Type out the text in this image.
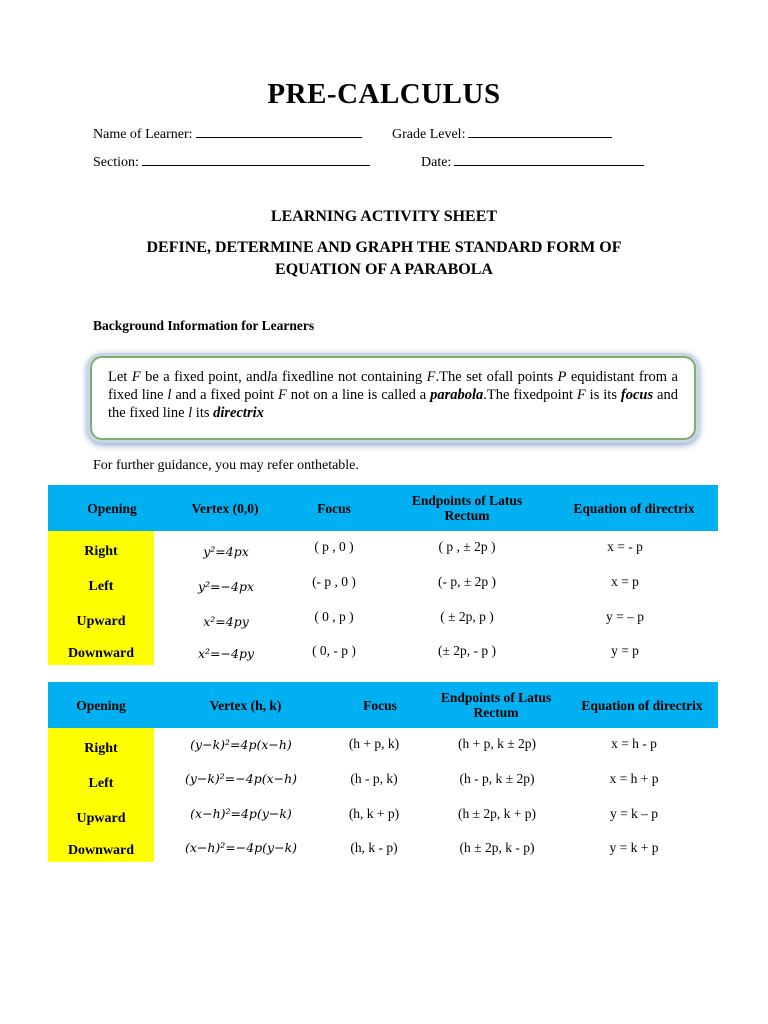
PRE-CALCULUS
Name of Learner:	Grade Level:
Section:	Date:
LEARNING ACTIVITY SHEET
DEFINE, DETERMINE AND GRAPH THE STANDARD FORM OF
EQUATION OF A PARABOLA
Background Information for Learners
Let F be a fixed point, andla fixedline not containing F.The set ofall points P equidistant from a fixed line l and a fixed point F not on a line is called a parabola.The fixedpoint F is its focus and the fixed line l its directrix
For further guidance, you may refer onthetable.
Opening	Vertex (0,0)	Focus	Endpoints of Latus Rectum	Equation of directrix
Right	y²=4px	( p , 0 )	( p , ± 2p )	x = - p
Left	y²=−4px	(- p , 0 )	(- p, ± 2p )	x = p
Upward	x²=4py	( 0 , p )	( ± 2p, p )	y = – p
Downward	x²=−4py	( 0, - p )	(± 2p, - p )	y = p
Opening	Vertex (h, k)	Focus	Endpoints of Latus Rectum	Equation of directrix
Right	(y−k)²=4p(x−h)	(h + p, k)	(h + p, k ± 2p)	x = h - p
Left	(y−k)²=−4p(x−h)	(h - p, k)	(h - p, k ± 2p)	x = h + p
Upward	(x−h)²=4p(y−k)	(h, k + p)	(h ± 2p, k + p)	y = k – p
Downward	(x−h)²=−4p(y−k)	(h, k - p)	(h ± 2p, k - p)	y = k + p
